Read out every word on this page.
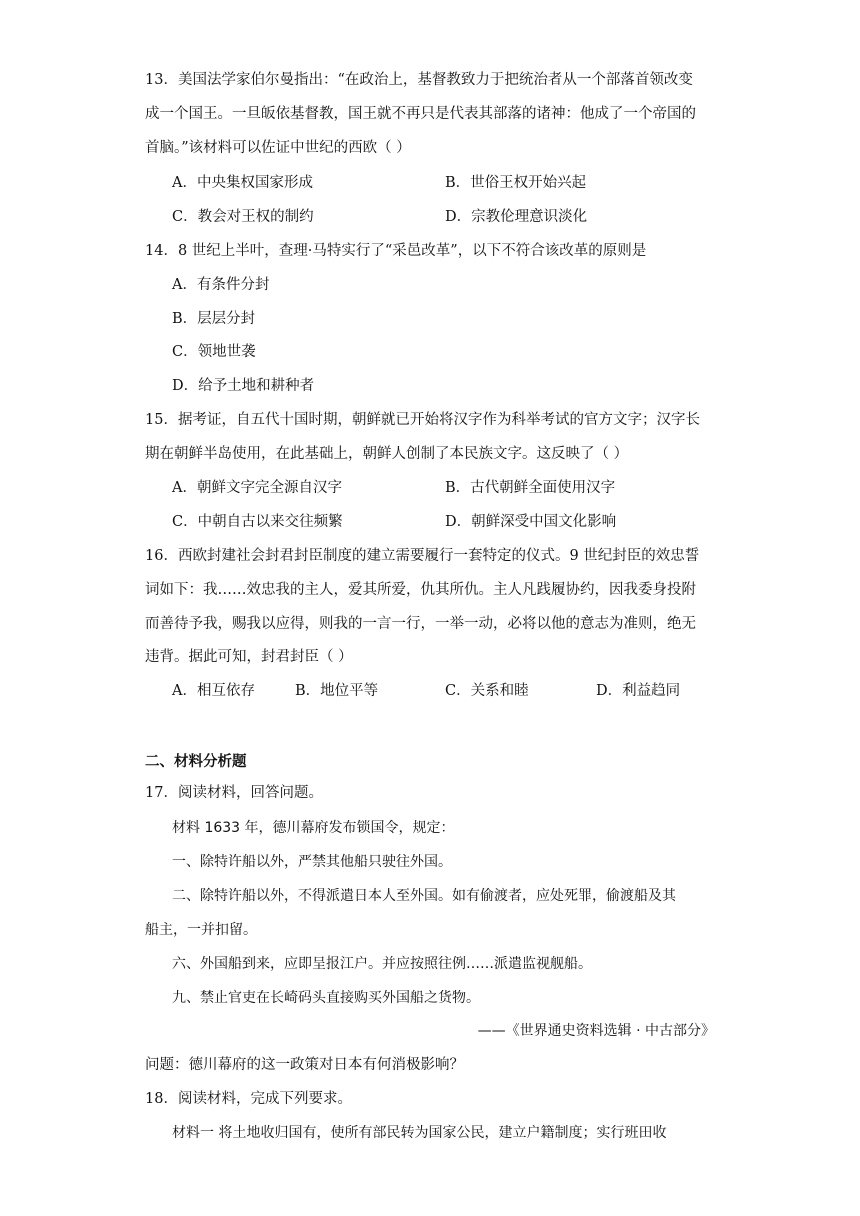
13．美国法学家伯尔曼指出：“在政治上，基督教致力于把统治者从一个部落首领改变
成一个国王。一旦皈依基督教，国王就不再只是代表其部落的诸神：他成了一个帝国的
首脑。”该材料可以佐证中世纪的西欧（ ）
A．中央集权国家形成	B．世俗王权开始兴起
C．教会对王权的制约	D．宗教伦理意识淡化
14．8 世纪上半叶，查理·马特实行了“采邑改革”，以下不符合该改革的原则是
A．有条件分封
B．层层分封
C．领地世袭
D．给予土地和耕种者
15．据考证，自五代十国时期，朝鲜就已开始将汉字作为科举考试的官方文字；汉字长
期在朝鲜半岛使用，在此基础上，朝鲜人创制了本民族文字。这反映了（ ）
A．朝鲜文字完全源自汉字	B．古代朝鲜全面使用汉字
C．中朝自古以来交往频繁	D．朝鲜深受中国文化影响
16．西欧封建社会封君封臣制度的建立需要履行一套特定的仪式。9 世纪封臣的效忠誓
词如下：我……效忠我的主人，爱其所爱，仇其所仇。主人凡践履协约，因我委身投附
而善待予我，赐我以应得，则我的一言一行，一举一动，必将以他的意志为准则，绝无
违背。据此可知，封君封臣（ ）
A．相互依存	B．地位平等	C．关系和睦	D．利益趋同
二、材料分析题
17．阅读材料，回答问题。
材料 1633 年，德川幕府发布锁国令，规定：
一、除特许船以外，严禁其他船只驶往外国。
二、除特许船以外，不得派遣日本人至外国。如有偷渡者，应处死罪，偷渡船及其
船主，一并扣留。
六、外国船到来，应即呈报江户。并应按照往例……派遣监视舰船。
九、禁止官吏在长崎码头直接购买外国船之货物。
——《世界通史资料选辑 · 中古部分》
问题：德川幕府的这一政策对日本有何消极影响？
18．阅读材料，完成下列要求。
材料一 将土地收归国有，使所有部民转为国家公民，建立户籍制度；实行班田收
